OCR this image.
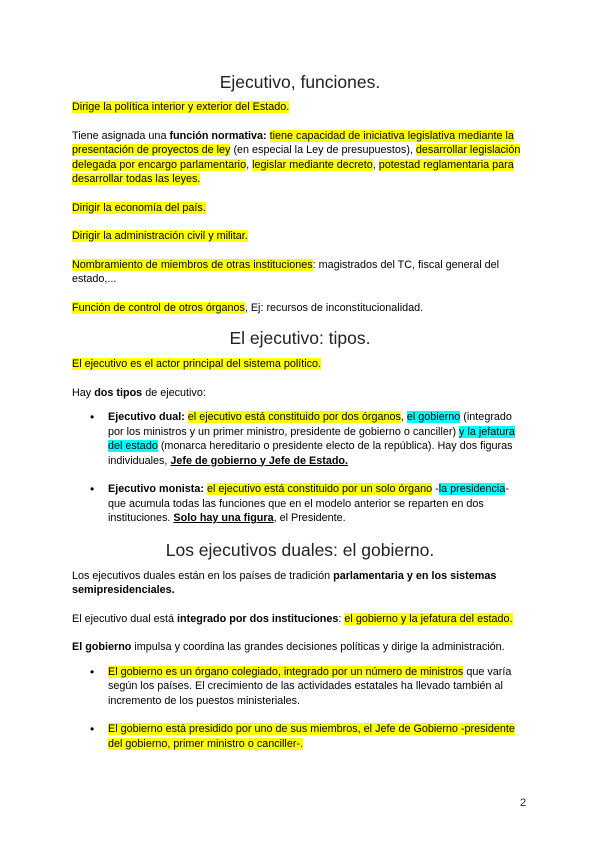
Ejecutivo, funciones.

Dirige la política interior y exterior del Estado.

Tiene asignada una función normativa: tiene capacidad de iniciativa legislativa mediante la presentación de proyectos de ley (en especial la Ley de presupuestos), desarrollar legislación delegada por encargo parlamentario, legislar mediante decreto, potestad reglamentaria para desarrollar todas las leyes.

Dirigir la economía del país.

Dirigir la administración civil y militar.

Nombramiento de miembros de otras instituciones: magistrados del TC, fiscal general del estado,...

Función de control de otros órganos, Ej: recursos de inconstitucionalidad.

El ejecutivo: tipos.

El ejecutivo es el actor principal del sistema político.

Hay dos tipos de ejecutivo:

• Ejecutivo dual: el ejecutivo está constituido por dos órganos, el gobierno (integrado por los ministros y un primer ministro, presidente de gobierno o canciller) y la jefatura del estado (monarca hereditario o presidente electo de la república). Hay dos figuras individuales, Jefe de gobierno y Jefe de Estado.
• Ejecutivo monista: el ejecutivo está constituido por un solo órgano -la presidencia- que acumula todas las funciones que en el modelo anterior se reparten en dos instituciones. Solo hay una figura, el Presidente.
Los ejecutivos duales: el gobierno.

Los ejecutivos duales están en los países de tradición parlamentaria y en los sistemas semipresidenciales.

El ejecutivo dual está integrado por dos instituciones: el gobierno y la jefatura del estado.

El gobierno impulsa y coordina las grandes decisiones políticas y dirige la administración.

• El gobierno es un órgano colegiado, integrado por un número de ministros que varía según los países. El crecimiento de las actividades estatales ha llevado también al incremento de los puestos ministeriales.
• El gobierno está presidido por uno de sus miembros, el Jefe de Gobierno -presidente del gobierno, primer ministro o canciller-.
2
